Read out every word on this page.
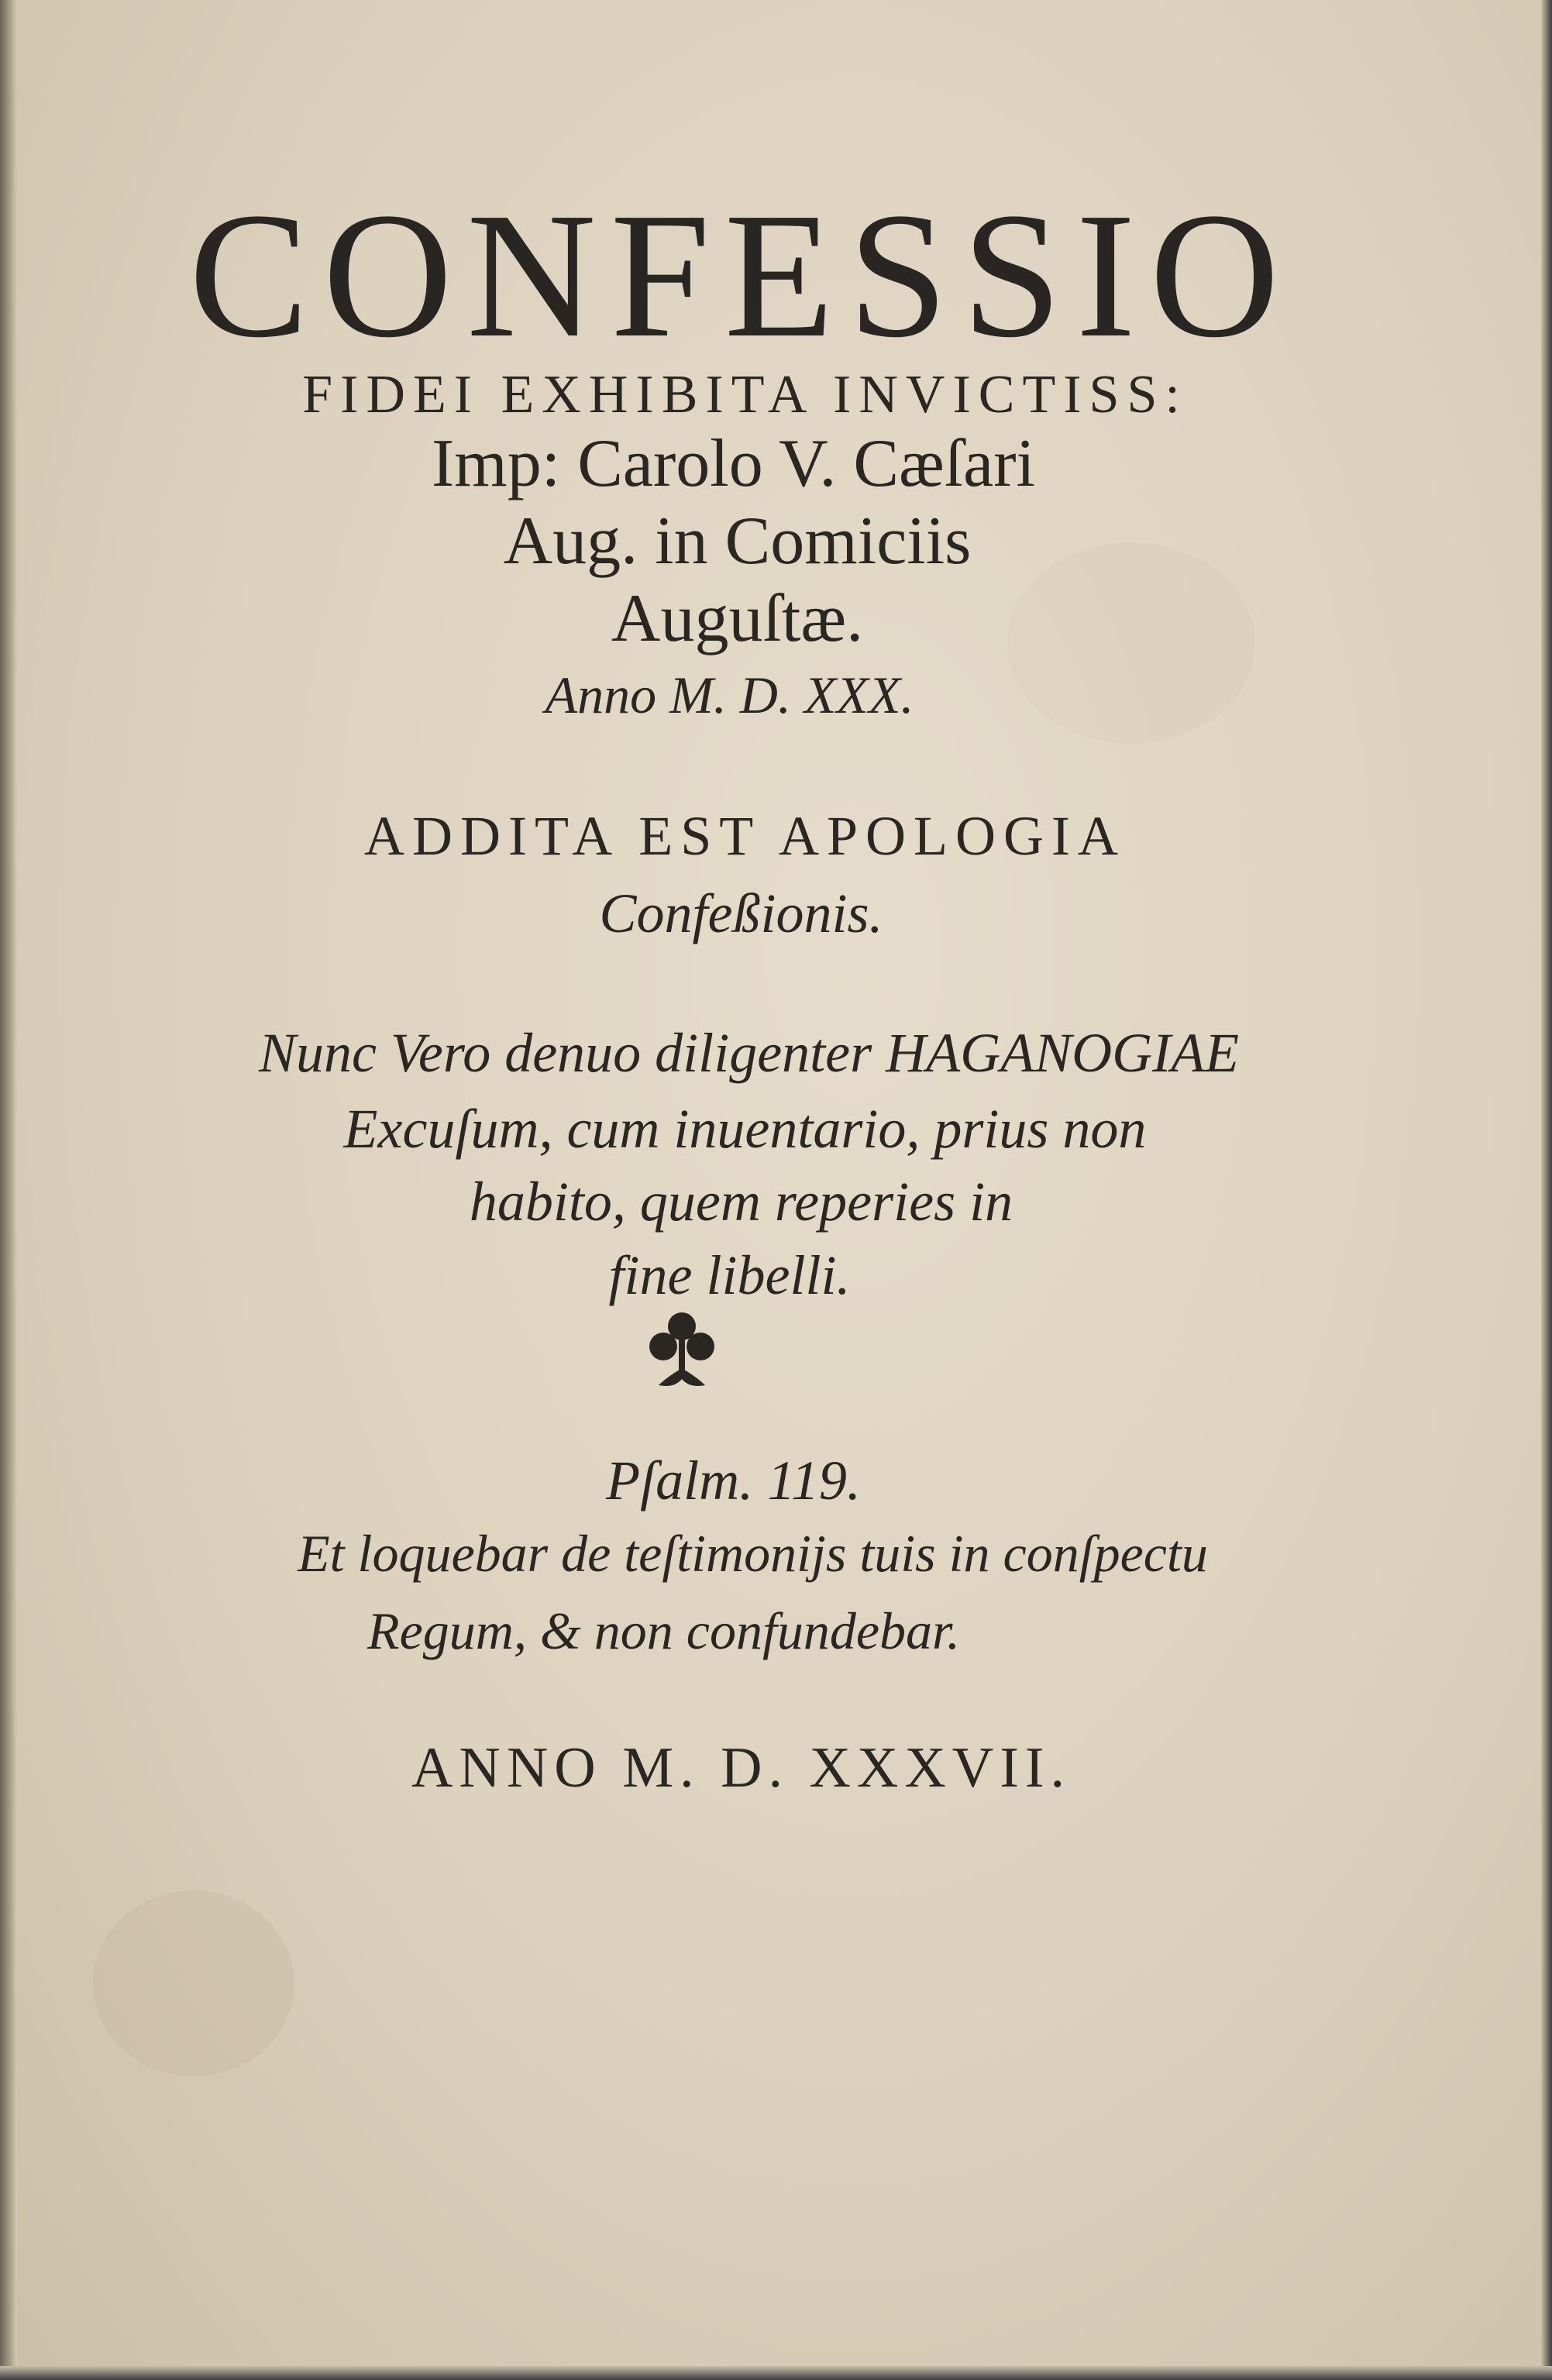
CONFESSIO
FIDEI EXHIBITA INVICTISS:
Imp: Carolo V. Cæſari
Aug. in Comiciis
Auguſtæ.
Anno M. D. XXX.
ADDITA EST APOLOGIA
Confeßionis.
Nunc Vero denuo diligenter HAGANOGIAE
Excuſum, cum inuentario, prius non
habito, quem reperies in
fine libelli.
Pſalm. 119.
Et loquebar de teſtimonijs tuis in conſpectu
Regum, & non confundebar.
ANNO M. D. XXXVII.
